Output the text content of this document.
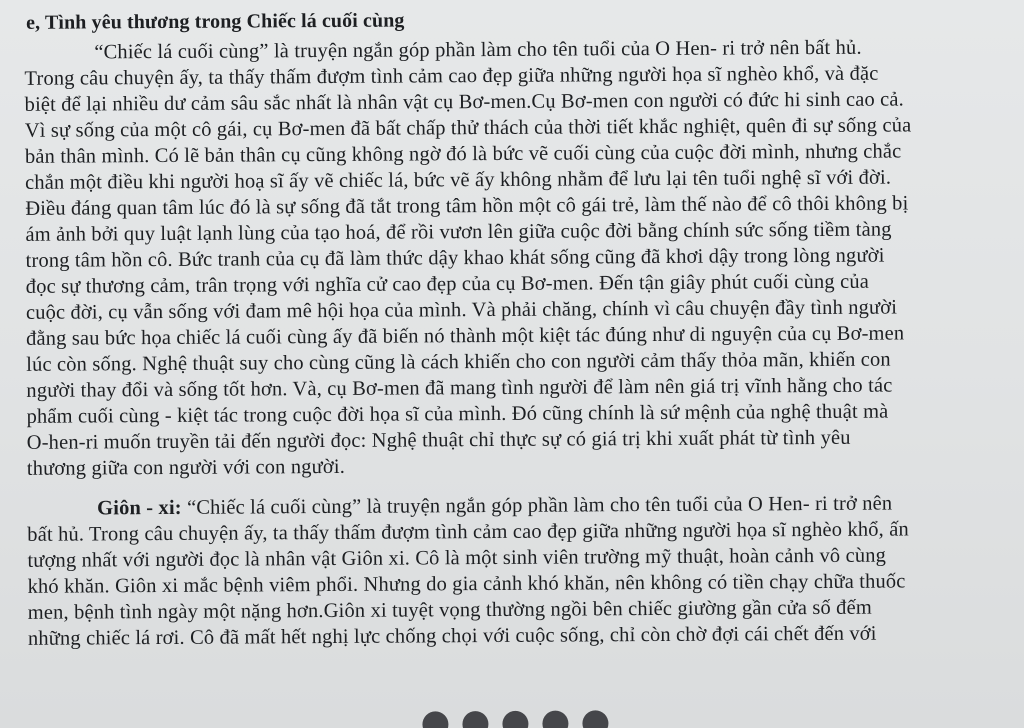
e, Tình yêu thương trong Chiếc lá cuối cùng
“Chiếc lá cuối cùng” là truyện ngắn góp phần làm cho tên tuổi của O Hen- ri trở nên bất hủ.
Trong câu chuyện ấy, ta thấy thấm đượm tình cảm cao đẹp giữa những người họa sĩ nghèo khổ, và đặc
biệt để lại nhiều dư cảm sâu sắc nhất là nhân vật cụ Bơ-men.Cụ Bơ-men con người có đức hi sinh cao cả.
Vì sự sống của một cô gái, cụ Bơ-men đã bất chấp thử thách của thời tiết khắc nghiệt, quên đi sự sống của
bản thân mình. Có lẽ bản thân cụ cũng không ngờ đó là bức vẽ cuối cùng của cuộc đời mình, nhưng chắc
chắn một điều khi người hoạ sĩ ấy vẽ chiếc lá, bức vẽ ấy không nhằm để lưu lại tên tuổi nghệ sĩ với đời.
Điều đáng quan tâm lúc đó là sự sống đã tắt trong tâm hồn một cô gái trẻ, làm thế nào để cô thôi không bị
ám ảnh bởi quy luật lạnh lùng của tạo hoá, để rồi vươn lên giữa cuộc đời bằng chính sức sống tiềm tàng
trong tâm hồn cô. Bức tranh của cụ đã làm thức dậy khao khát sống cũng đã khơi dậy trong lòng người
đọc sự thương cảm, trân trọng với nghĩa cử cao đẹp của cụ Bơ-men. Đến tận giây phút cuối cùng của
cuộc đời, cụ vẫn sống với đam mê hội họa của mình. Và phải chăng, chính vì câu chuyện đầy tình người
đằng sau bức họa chiếc lá cuối cùng ấy đã biến nó thành một kiệt tác đúng như di nguyện của cụ Bơ-men
lúc còn sống. Nghệ thuật suy cho cùng cũng là cách khiến cho con người cảm thấy thỏa mãn, khiến con
người thay đổi và sống tốt hơn. Và, cụ Bơ-men đã mang tình người để làm nên giá trị vĩnh hằng cho tác
phẩm cuối cùng - kiệt tác trong cuộc đời họa sĩ của mình. Đó cũng chính là sứ mệnh của nghệ thuật mà
O-hen-ri muốn truyền tải đến người đọc: Nghệ thuật chỉ thực sự có giá trị khi xuất phát từ tình yêu
thương giữa con người với con người.
Giôn - xi: “Chiếc lá cuối cùng” là truyện ngắn góp phần làm cho tên tuổi của O Hen- ri trở nên
bất hủ. Trong câu chuyện ấy, ta thấy thấm đượm tình cảm cao đẹp giữa những người họa sĩ nghèo khổ, ấn
tượng nhất với người đọc là nhân vật Giôn xi. Cô là một sinh viên trường mỹ thuật, hoàn cảnh vô cùng
khó khăn. Giôn xi mắc bệnh viêm phổi. Nhưng do gia cảnh khó khăn, nên không có tiền chạy chữa thuốc
men, bệnh tình ngày một nặng hơn.Giôn xi tuyệt vọng thường ngồi bên chiếc giường gần cửa số đếm
những chiếc lá rơi. Cô đã mất hết nghị lực chống chọi với cuộc sống, chỉ còn chờ đợi cái chết đến với
